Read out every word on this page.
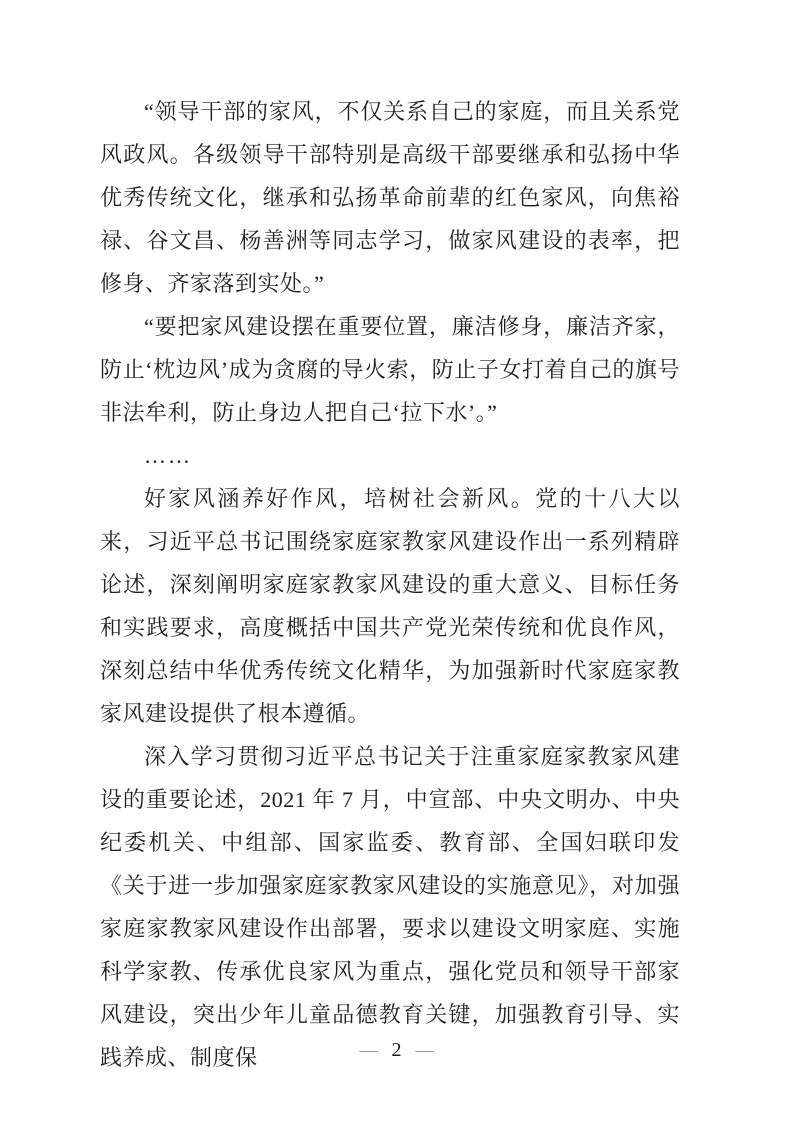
“领导干部的家风，不仅关系自己的家庭，而且关系党风政风。各级领导干部特别是高级干部要继承和弘扬中华优秀传统文化，继承和弘扬革命前辈的红色家风，向焦裕禄、谷文昌、杨善洲等同志学习，做家风建设的表率，把修身、齐家落到实处。”

“要把家风建设摆在重要位置，廉洁修身，廉洁齐家，防止‘枕边风’成为贪腐的导火索，防止子女打着自己的旗号非法牟利，防止身边人把自己‘拉下水’。”

……

好家风涵养好作风，培树社会新风。党的十八大以来，习近平总书记围绕家庭家教家风建设作出一系列精辟论述，深刻阐明家庭家教家风建设的重大意义、目标任务和实践要求，高度概括中国共产党光荣传统和优良作风，深刻总结中华优秀传统文化精华，为加强新时代家庭家教家风建设提供了根本遵循。

深入学习贯彻习近平总书记关于注重家庭家教家风建设的重要论述，2021 年 7 月，中宣部、中央文明办、中央纪委机关、中组部、国家监委、教育部、全国妇联印发《关于进一步加强家庭家教家风建设的实施意见》，对加强家庭家教家风建设作出部署，要求以建设文明家庭、实施科学家教、传承优良家风为重点，强化党员和领导干部家风建设，突出少年儿童品德教育关键，加强教育引导、实践养成、制度保	— 2 —
